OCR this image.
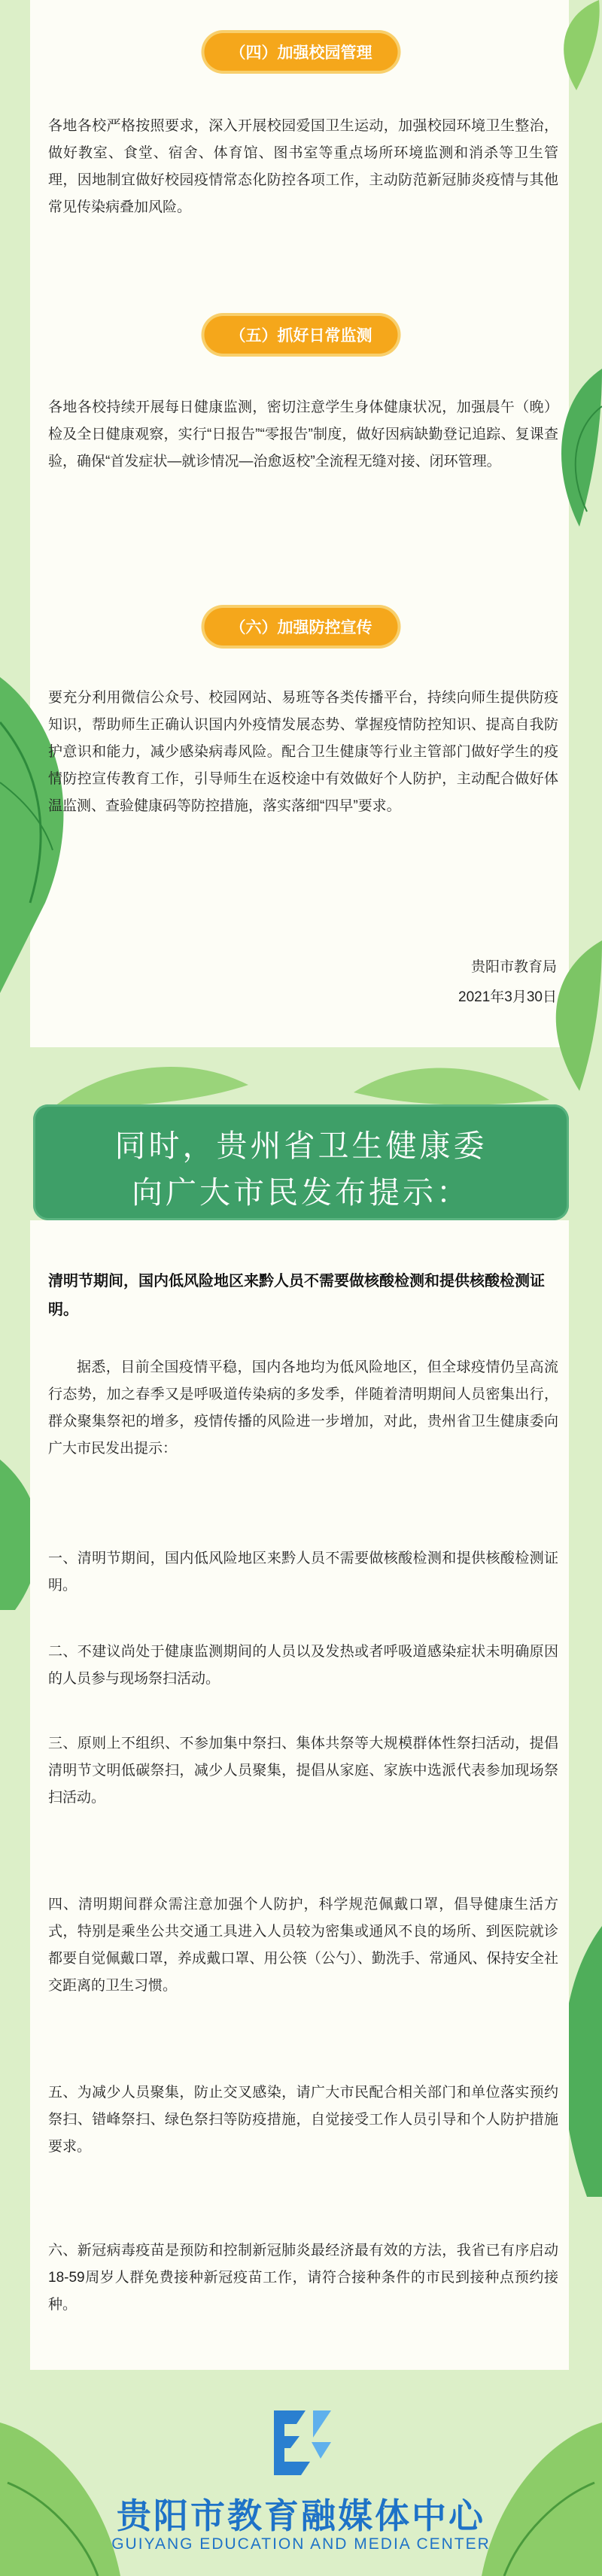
（四）加强校园管理
各地各校严格按照要求，深入开展校园爱国卫生运动，加强校园环境卫生整治，做好教室、食堂、宿舍、体育馆、图书室等重点场所环境监测和消杀等卫生管理，因地制宜做好校园疫情常态化防控各项工作，主动防范新冠肺炎疫情与其他常见传染病叠加风险。
（五）抓好日常监测
各地各校持续开展每日健康监测，密切注意学生身体健康状况，加强晨午（晚）检及全日健康观察，实行“日报告”“零报告”制度，做好因病缺勤登记追踪、复课查验，确保“首发症状—就诊情况—治愈返校”全流程无缝对接、闭环管理。
（六）加强防控宣传
要充分利用微信公众号、校园网站、易班等各类传播平台，持续向师生提供防疫知识，帮助师生正确认识国内外疫情发展态势、掌握疫情防控知识、提高自我防护意识和能力，减少感染病毒风险。配合卫生健康等行业主管部门做好学生的疫情防控宣传教育工作，引导师生在返校途中有效做好个人防护，主动配合做好体温监测、查验健康码等防控措施，落实落细“四早”要求。
贵阳市教育局
2021年3月30日
同时，贵州省卫生健康委
向广大市民发布提示：
清明节期间，国内低风险地区来黔人员不需要做核酸检测和提供核酸检测证明。
据悉，目前全国疫情平稳，国内各地均为低风险地区，但全球疫情仍呈高流行态势，加之春季又是呼吸道传染病的多发季，伴随着清明期间人员密集出行，群众聚集祭祀的增多，疫情传播的风险进一步增加，对此，贵州省卫生健康委向广大市民发出提示：
一、清明节期间，国内低风险地区来黔人员不需要做核酸检测和提供核酸检测证明。
二、不建议尚处于健康监测期间的人员以及发热或者呼吸道感染症状未明确原因的人员参与现场祭扫活动。
三、原则上不组织、不参加集中祭扫、集体共祭等大规模群体性祭扫活动，提倡清明节文明低碳祭扫，减少人员聚集，提倡从家庭、家族中选派代表参加现场祭扫活动。
四、清明期间群众需注意加强个人防护，科学规范佩戴口罩，倡导健康生活方式，特别是乘坐公共交通工具进入人员较为密集或通风不良的场所、到医院就诊都要自觉佩戴口罩，养成戴口罩、用公筷（公勺）、勤洗手、常通风、保持安全社交距离的卫生习惯。
五、为减少人员聚集，防止交叉感染，请广大市民配合相关部门和单位落实预约祭扫、错峰祭扫、绿色祭扫等防疫措施，自觉接受工作人员引导和个人防护措施要求。
六、新冠病毒疫苗是预防和控制新冠肺炎最经济最有效的方法，我省已有序启动18-59周岁人群免费接种新冠疫苗工作，请符合接种条件的市民到接种点预约接种。
贵阳市教育融媒体中心
GUIYANG EDUCATION AND MEDIA CENTER
